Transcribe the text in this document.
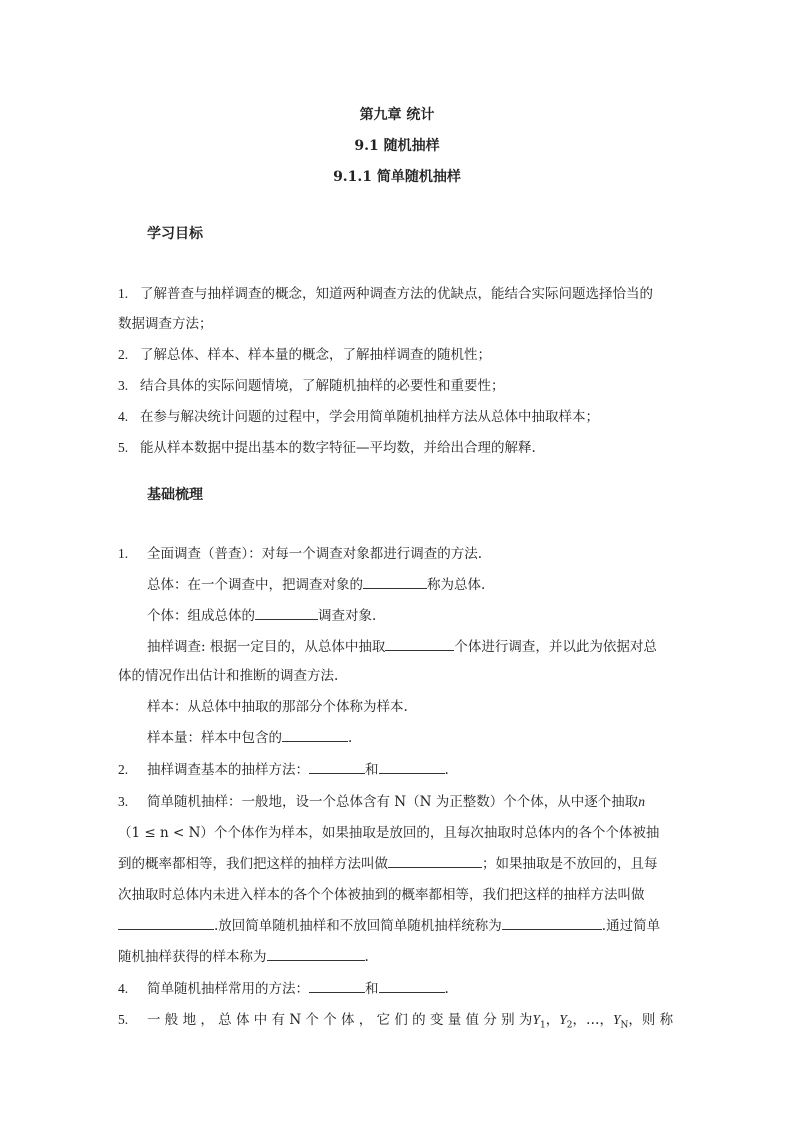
第九章 统计
9.1 随机抽样
9.1.1 简单随机抽样
学习目标
1. 了解普查与抽样调查的概念，知道两种调查方法的优缺点，能结合实际问题选择恰当的
数据调查方法；
2. 了解总体、样本、样本量的概念，了解抽样调查的随机性；
3. 结合具体的实际问题情境，了解随机抽样的必要性和重要性；
4. 在参与解决统计问题的过程中，学会用简单随机抽样方法从总体中抽取样本；
5. 能从样本数据中提出基本的数字特征—平均数，并给出合理的解释.
基础梳理
1. 全面调查（普查）：对每一个调查对象都进行调查的方法.
总体：在一个调查中，把调查对象的	称为总体.
个体：组成总体的	调查对象.
抽样调查: 根据一定目的，从总体中抽取	个体进行调查，并以此为依据对总
体的情况作出估计和推断的调查方法.
样本：从总体中抽取的那部分个体称为样本.
样本量：样本中包含的	.
2. 抽样调查基本的抽样方法：	和	.
3. 简单随机抽样：一般地，设一个总体含有 N（N 为正整数）个个体，从中逐个抽取n
（1 ≤ n < N）个个体作为样本，如果抽取是放回的，且每次抽取时总体内的各个个体被抽
到的概率都相等，我们把这样的抽样方法叫做	；如果抽取是不放回的，且每
次抽取时总体内未进入样本的各个个体被抽到的概率都相等，我们把这样的抽样方法叫做
.放回简单随机抽样和不放回简单随机抽样统称为	.通过简单
随机抽样获得的样本称为	.
4. 简单随机抽样常用的方法：	和	.
5. 一 般 地 ， 总 体 中 有 N 个 个 体 ， 它 们 的 变 量 值 分 别 为$Y_1$，$Y_2$，…，$Y_N$，则 称
